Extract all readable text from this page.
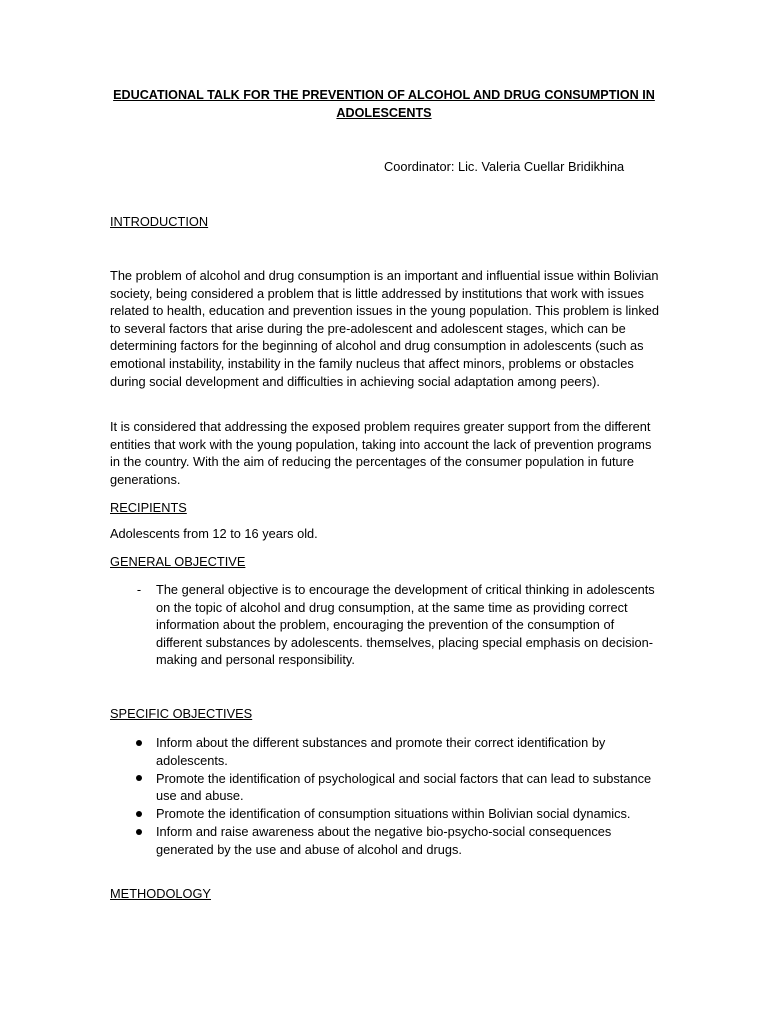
EDUCATIONAL TALK FOR THE PREVENTION OF ALCOHOL AND DRUG CONSUMPTION IN ADOLESCENTS

Coordinator: Lic. Valeria Cuellar Bridikhina

INTRODUCTION

The problem of alcohol and drug consumption is an important and influential issue within Bolivian society, being considered a problem that is little addressed by institutions that work with issues related to health, education and prevention issues in the young population. This problem is linked to several factors that arise during the pre-adolescent and adolescent stages, which can be determining factors for the beginning of alcohol and drug consumption in adolescents (such as emotional instability, instability in the family nucleus that affect minors, problems or obstacles during social development and difficulties in achieving social adaptation among peers).

It is considered that addressing the exposed problem requires greater support from the different entities that work with the young population, taking into account the lack of prevention programs in the country. With the aim of reducing the percentages of the consumer population in future generations.

RECIPIENTS

Adolescents from 12 to 16 years old.

GENERAL OBJECTIVE

-	The general objective is to encourage the development of critical thinking in adolescents on the topic of alcohol and drug consumption, at the same time as providing correct information about the problem, encouraging the prevention of the consumption of different substances by adolescents. themselves, placing special emphasis on decision-making and personal responsibility.

SPECIFIC OBJECTIVES

Inform about the different substances and promote their correct identification by adolescents.
Promote the identification of psychological and social factors that can lead to substance use and abuse.
Promote the identification of consumption situations within Bolivian social dynamics.
Inform and raise awareness about the negative bio-psycho-social consequences generated by the use and abuse of alcohol and drugs.

METHODOLOGY
